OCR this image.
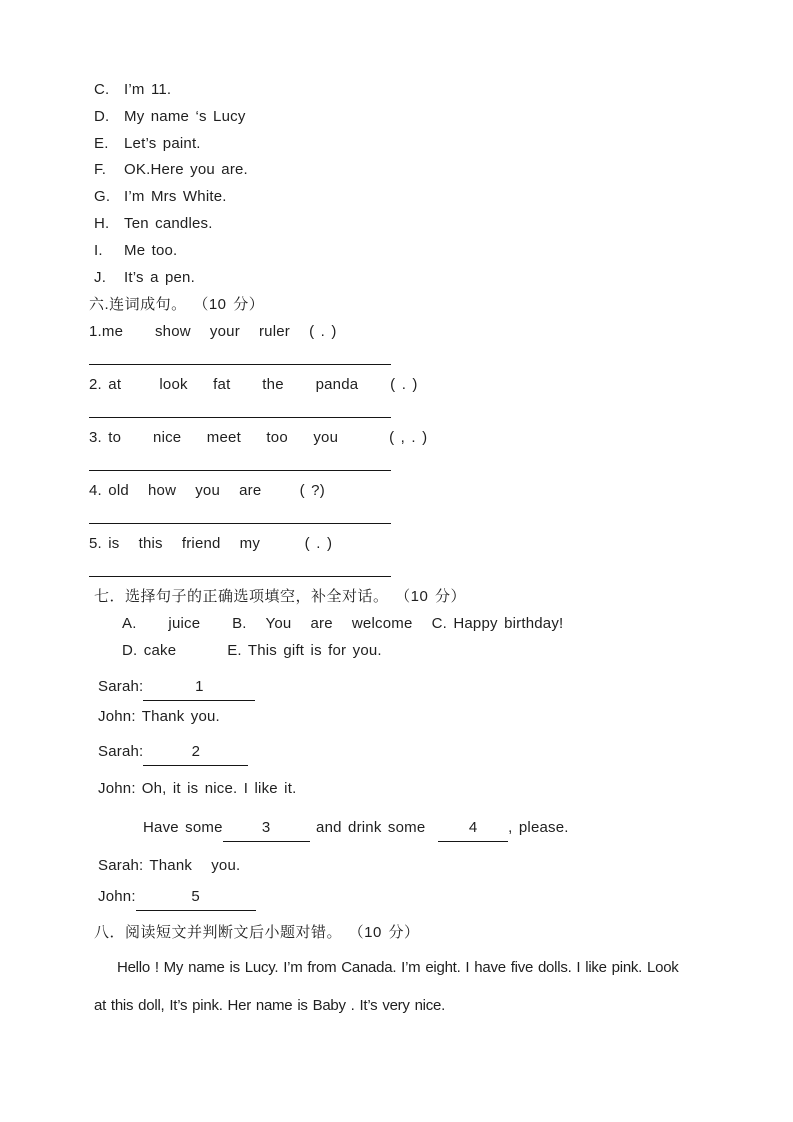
C. I’m 11.
D. My name ‘s Lucy
E.	Let’s paint.
F.	OK.Here you are.
G. I’m Mrs White.
H. Ten candles.
I.	Me too.
J.	It’s a pen.
六.连词成句。 （10 分）
1.me     show   your   ruler   ( . )
2. at      look    fat     the     panda     ( . )
3. to     nice    meet    too    you        ( , . )
4. old   how   you   are      ( ?)
5. is   this   friend   my       ( . )
七．选择句子的正确选项填空，补全对话。 （10 分）
A.     juice     B.   You   are   welcome   C. Happy birthday!
D. cake        E. This gift is for you.
Sarah:	1
John: Thank you.
Sarah:	2
John: Oh, it is nice. I like it.
Have some	3	and drink some  4 , please.
Sarah: Thank   you.
John:	5
八．阅读短文并判断文后小题对错。 （10 分）
Hello ! My name is Lucy. I’m from Canada. I’m eight. I have five dolls. I like pink. Look
at this doll, It’s pink. Her name is Baby . It’s very nice.
